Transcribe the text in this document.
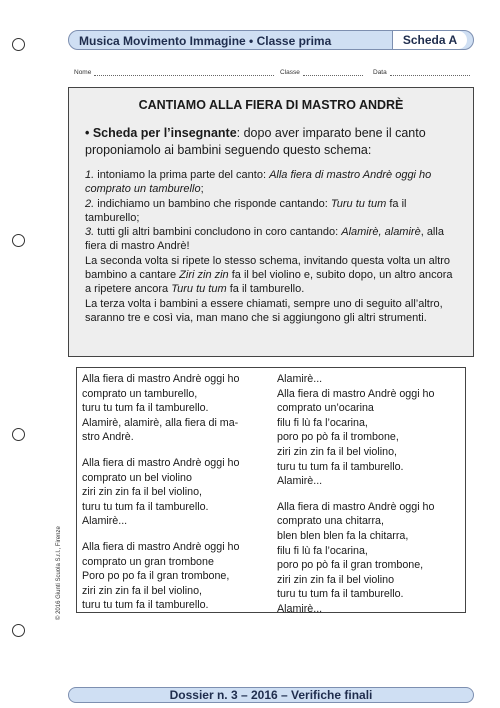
Musica Movimento Immagine • Classe prima	Scheda A
Nome	Classe	Data
CANTIAMO ALLA FIERA DI MASTRO ANDRÈ
• Scheda per l’insegnante: dopo aver imparato bene il canto proponiamolo ai bambini seguendo questo schema:

1. intoniamo la prima parte del canto: Alla fiera di mastro Andrè oggi ho comprato un tamburello;

2. indichiamo un bambino che risponde cantando: Turu tu tum fa il tamburello;

3. tutti gli altri bambini concludono in coro cantando: Alamirè, alamirè, alla fiera di mastro Andrè!

La seconda volta si ripete lo stesso schema, invitando questa volta un altro bambino a cantare Ziri zin zin fa il bel violino e, subito dopo, un altro ancora a ripetere ancora Turu tu tum fa il tamburello.

La terza volta i bambini a essere chiamati, sempre uno di seguito all’altro, saranno tre e così via, man mano che si aggiungono gli altri strumenti.

Alla fiera di mastro Andrè oggi ho
comprato un tamburello,
turu tu tum fa il tamburello.
Alamirè, alamirè, alla fiera di ma-
stro Andrè.
Alla fiera di mastro Andrè oggi ho
comprato un bel violino
ziri zin zin fa il bel violino,
turu tu tum fa il tamburello.
Alamirè...
Alla fiera di mastro Andrè oggi ho
comprato un gran trombone
Poro po po fa il gran trombone,
ziri zin zin fa il bel violino,
turu tu tum fa il tamburello.
Alamirè...
Alla fiera di mastro Andrè oggi ho
comprato un’ocarina
filu fi lù fa l’ocarina,
poro po pò fa il trombone,
ziri zin zin fa il bel violino,
turu tu tum fa il tamburello.
Alamirè...
Alla fiera di mastro Andrè oggi ho
comprato una chitarra,
blen blen blen fa la chitarra,
filu fi lù fa l’ocarina,
poro po pò fa il gran trombone,
ziri zin zin fa il bel violino
turu tu tum fa il tamburello.
Alamirè...
© 2016 Giunti Scuola S.r.l., Firenze
Dossier n. 3 – 2016 – Verifiche finali
